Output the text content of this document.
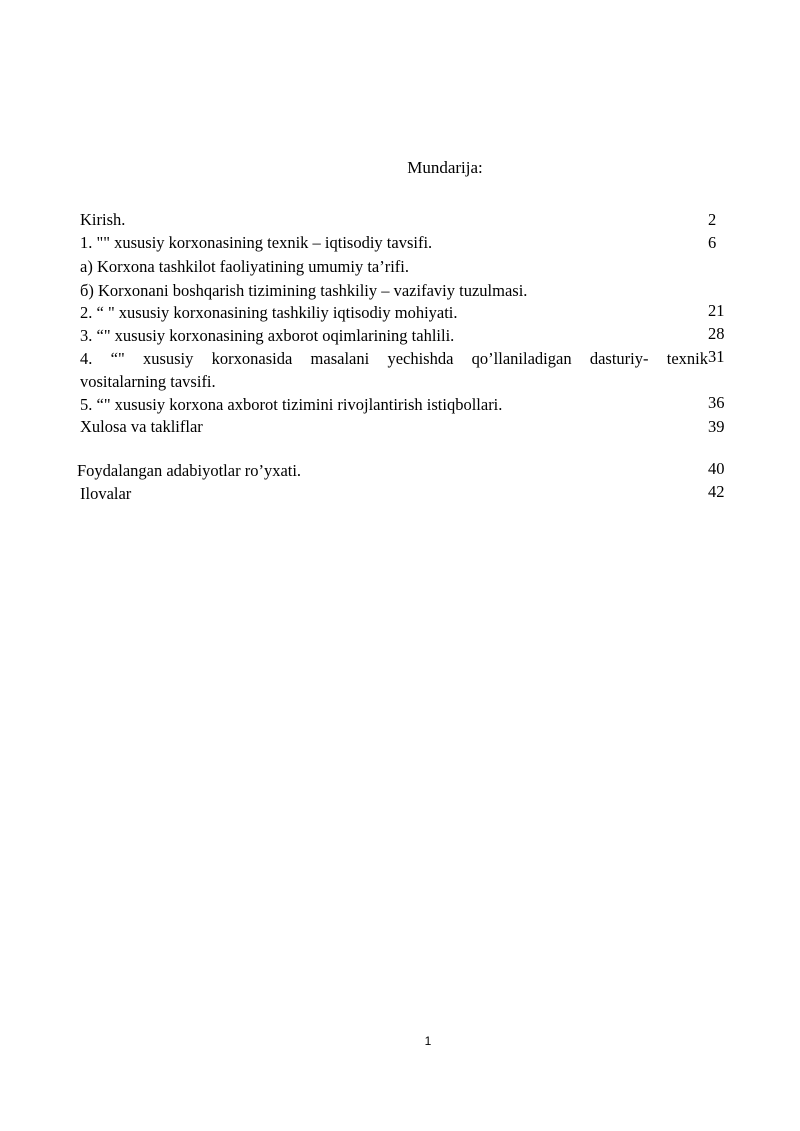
Mundarija:
Kirish.	2
1. "" xususiy korxonasining texnik – iqtisodiy tavsifi.	6
a) Korxona tashkilot faoliyatining umumiy ta’rifi.
б) Korxonani boshqarish tizimining tashkiliy – vazifaviy tuzulmasi.
2. “ " xususiy korxonasining tashkiliy iqtisodiy mohiyati.	21
3. “" xususiy korxonasining axborot oqimlarining tahlili.	28
4. “" xususiy korxonasida masalani yechishda qo’llaniladigan dasturiy- texnik 31
vositalarning tavsifi.
5. “" xususiy korxona axborot tizimini rivojlantirish istiqbollari.	36
Xulosa va takliflar	39
Foydalangan adabiyotlar ro’yxati.	40
Ilovalar	42
1
